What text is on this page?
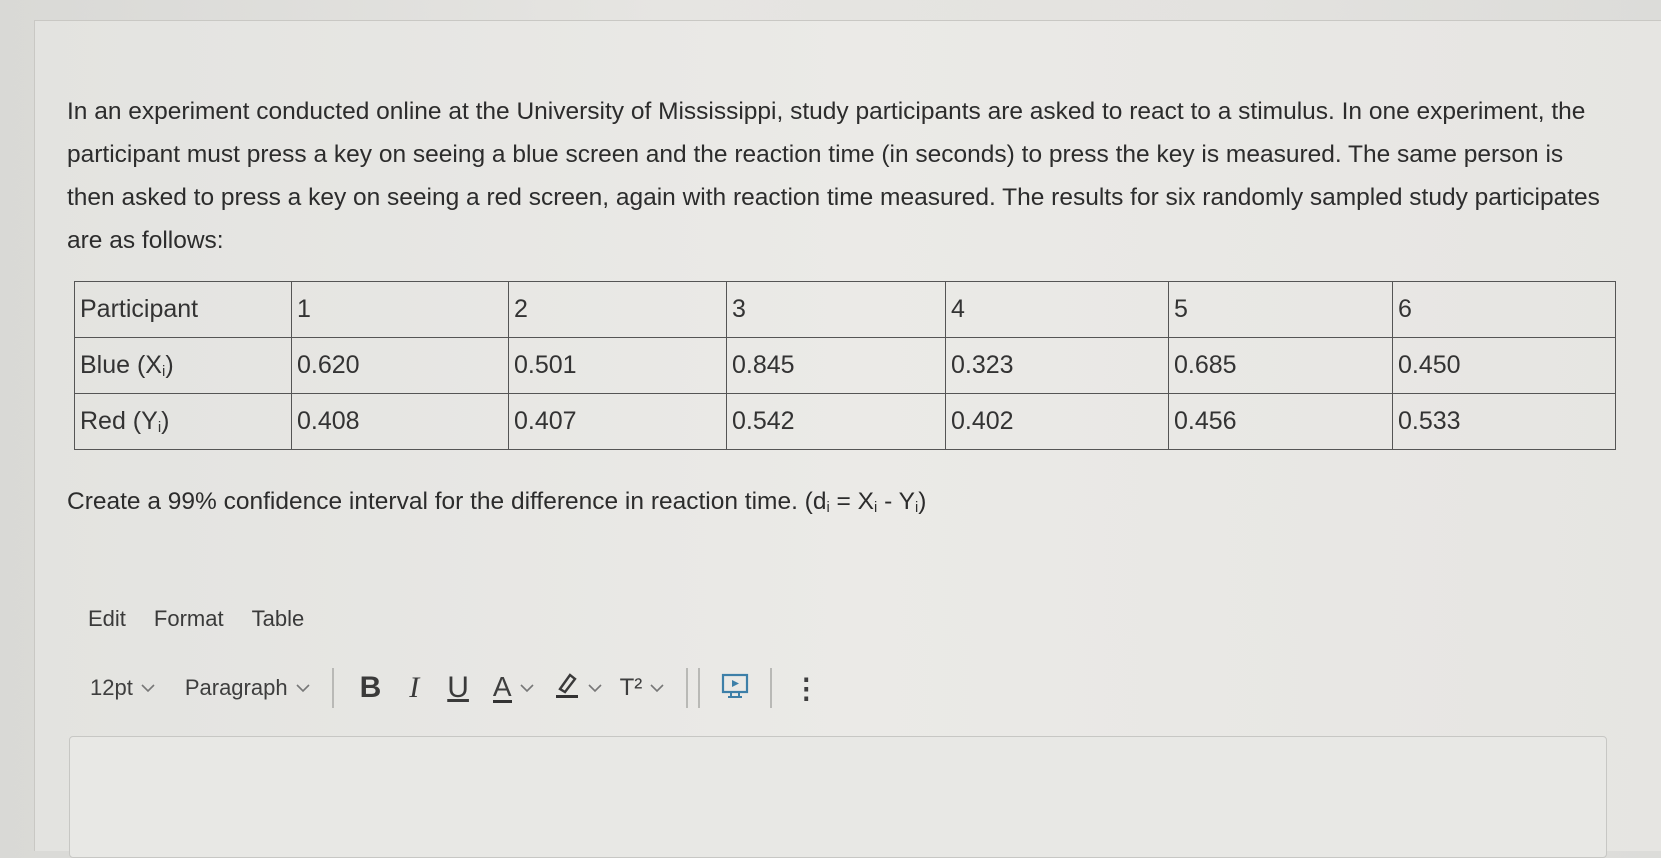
In an experiment conducted online at the University of Mississippi, study participants are asked to react to a stimulus. In one experiment, the participant must press a key on seeing a blue screen and the reaction time (in seconds) to press the key is measured. The same person is then asked to press a key on seeing a red screen, again with reaction time measured. The results for six randomly sampled study participates are as follows:

Participant	1	2	3	4	5	6
Blue $(X_i)$	0.620	0.501	0.845	0.323	0.685	0.450
Red $(Y_i)$	0.408	0.407	0.542	0.402	0.456	0.533
Create a 99% confidence interval for the difference in reaction time. $(d_i = X_i - Y_i)$
Edit Format Table
12pt Paragraph B I U A	T²	⋮
